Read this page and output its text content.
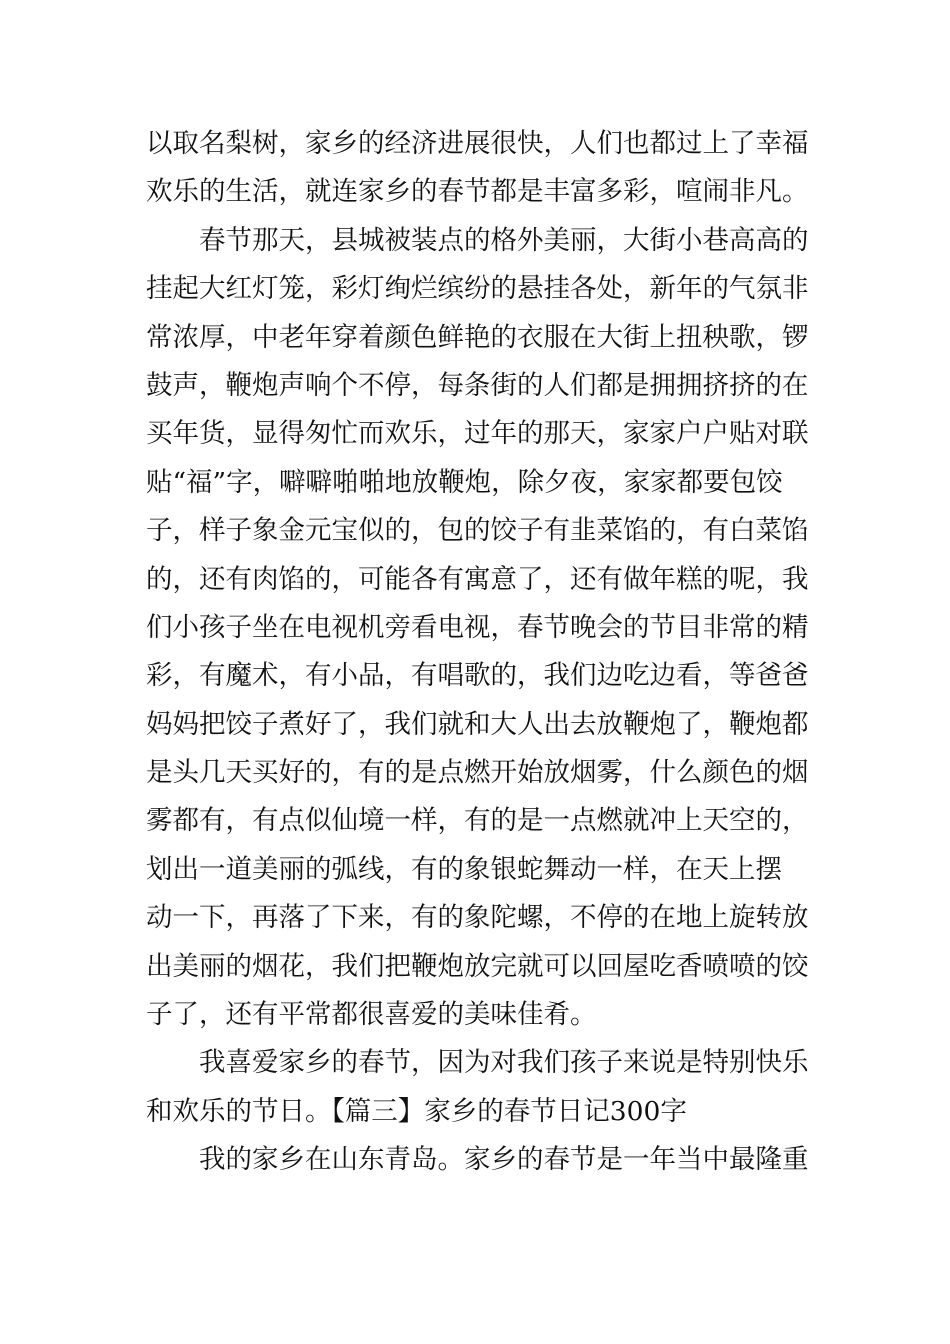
以取名梨树，家乡的经济进展很快，人们也都过上了幸福
欢乐的生活，就连家乡的春节都是丰富多彩，喧闹非凡。
春节那天，县城被装点的格外美丽，大街小巷高高的
挂起大红灯笼，彩灯绚烂缤纷的悬挂各处，新年的气氛非
常浓厚，中老年穿着颜色鲜艳的衣服在大街上扭秧歌，锣
鼓声，鞭炮声响个不停，每条街的人们都是拥拥挤挤的在
买年货，显得匆忙而欢乐，过年的那天，家家户户贴对联
贴“福”字，噼噼啪啪地放鞭炮，除夕夜，家家都要包饺
子，样子象金元宝似的，包的饺子有韭菜馅的，有白菜馅
的，还有肉馅的，可能各有寓意了，还有做年糕的呢，我
们小孩子坐在电视机旁看电视，春节晚会的节目非常的精
彩，有魔术，有小品，有唱歌的，我们边吃边看，等爸爸
妈妈把饺子煮好了，我们就和大人出去放鞭炮了，鞭炮都
是头几天买好的，有的是点燃开始放烟雾，什么颜色的烟
雾都有，有点似仙境一样，有的是一点燃就冲上天空的，
划出一道美丽的弧线，有的象银蛇舞动一样，在天上摆
动一下，再落了下来，有的象陀螺，不停的在地上旋转放
出美丽的烟花，我们把鞭炮放完就可以回屋吃香喷喷的饺
子了，还有平常都很喜爱的美味佳肴。
我喜爱家乡的春节，因为对我们孩子来说是特别快乐
和欢乐的节日。【篇三】家乡的春节日记300字
我的家乡在山东青岛。家乡的春节是一年当中最隆重
